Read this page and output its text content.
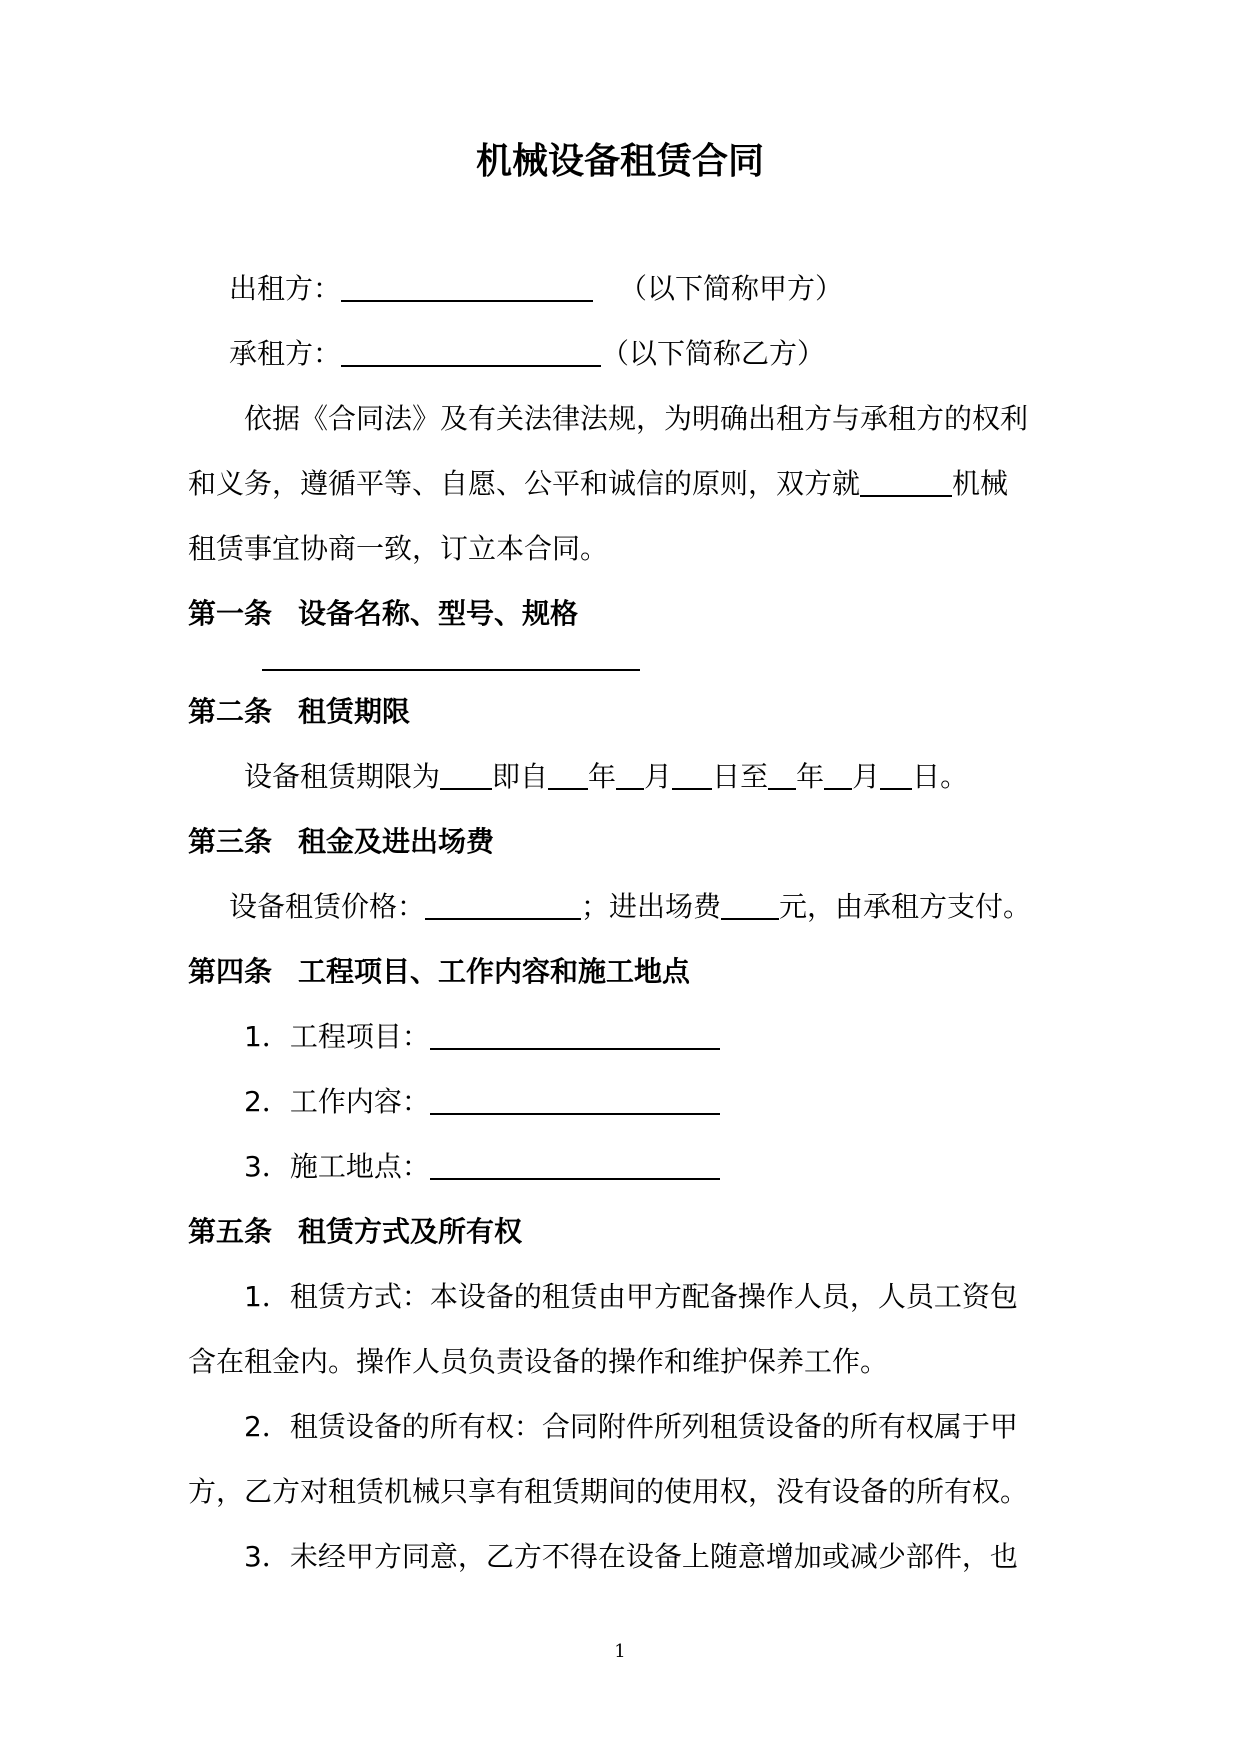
机械设备租赁合同
出租方：	（以下简称甲方）
承租方：	（以下简称乙方）
依据《合同法》及有关法律法规，为明确出租方与承租方的权利
和义务，遵循平等、自愿、公平和诚信的原则，双方就	机械
租赁事宜协商一致，订立本合同。
第一条 设备名称、型号、规格
第二条 租赁期限
设备租赁期限为 即自 年 月 日至 年 月 日。
第三条 租金及进出场费
设备租赁价格：	；进出场费 元，由承租方支付。
第四条 工程项目、工作内容和施工地点
1．工程项目：
2．工作内容：
3．施工地点：
第五条 租赁方式及所有权
1．租赁方式：本设备的租赁由甲方配备操作人员，人员工资包
含在租金内。操作人员负责设备的操作和维护保养工作。
2．租赁设备的所有权：合同附件所列租赁设备的所有权属于甲
方，乙方对租赁机械只享有租赁期间的使用权，没有设备的所有权。
3．未经甲方同意，乙方不得在设备上随意增加或减少部件，也
1
